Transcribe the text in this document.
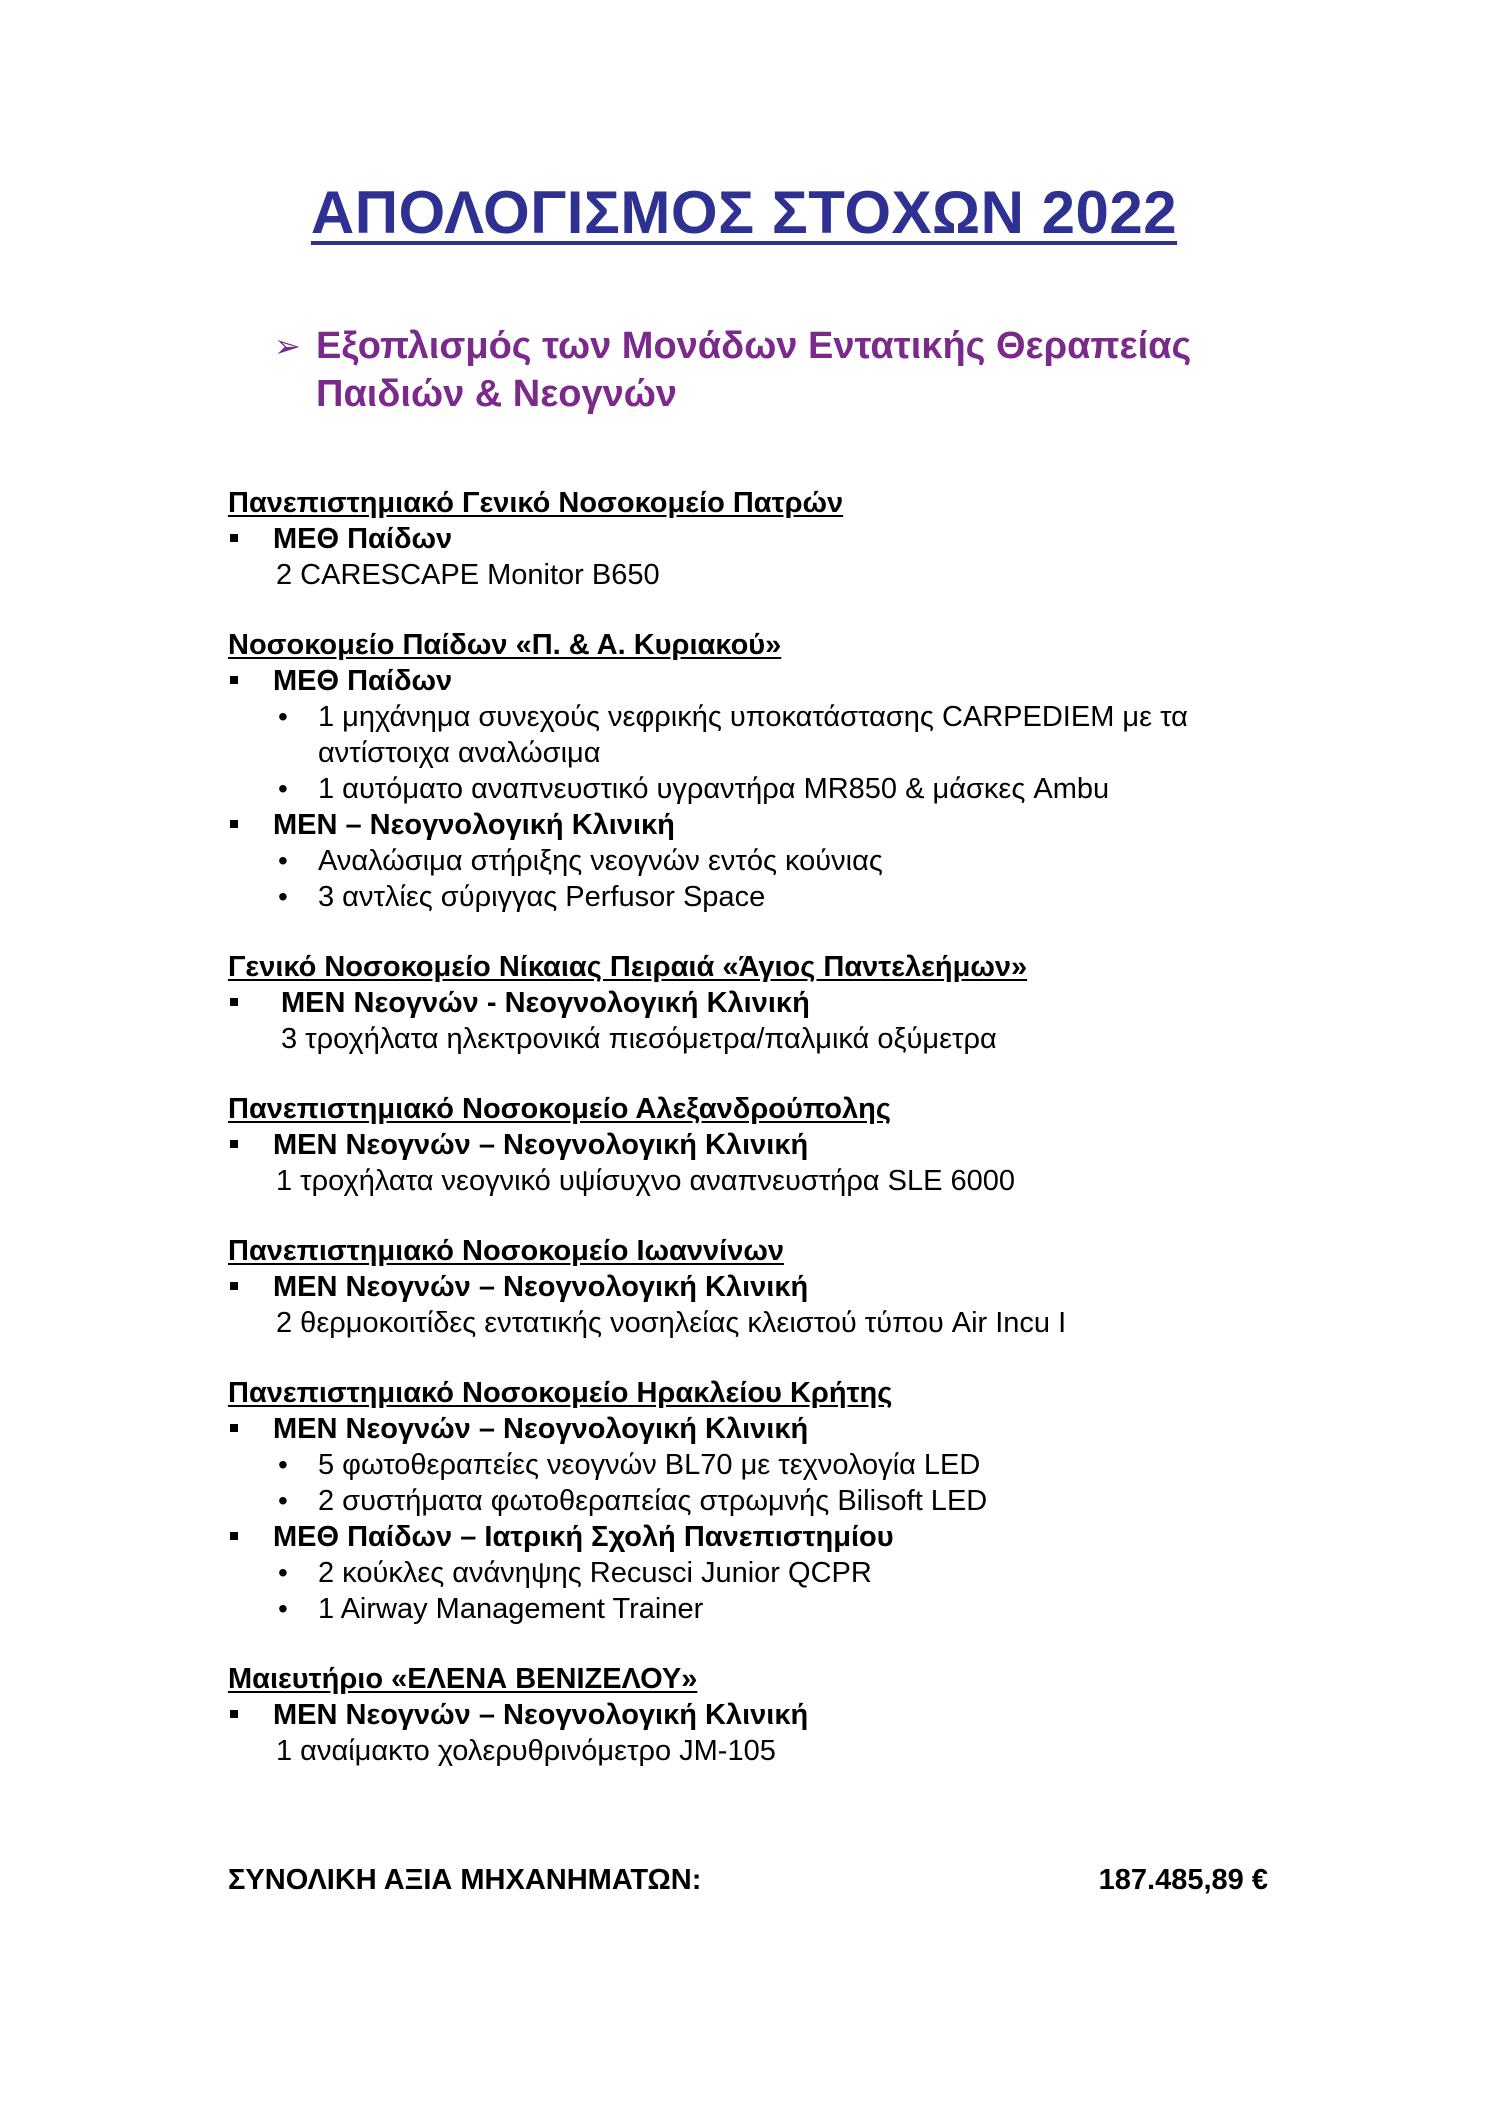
ΑΠΟΛΟΓΙΣΜΟΣ ΣΤΟΧΩΝ 2022
➢ Εξοπλισμός των Μονάδων Εντατικής Θεραπείας
Παιδιών & Νεογνών
Πανεπιστημιακό Γενικό Νοσοκομείο Πατρών
ΜΕΘ Παίδων
2 CARESCAPE Monitor B650
Νοσοκομείο Παίδων «Π. & Α. Κυριακού»
ΜΕΘ Παίδων
• 1 μηχάνημα συνεχούς νεφρικής υποκατάστασης CARPEDIEM με τα
αντίστοιχα αναλώσιμα
• 1 αυτόματο αναπνευστικό υγραντήρα MR850 & μάσκες Ambu
ΜΕΝ – Νεογνολογική Κλινική
• Αναλώσιμα στήριξης νεογνών εντός κούνιας
• 3 αντλίες σύριγγας Perfusor Space
Γενικό Νοσοκομείο Νίκαιας Πειραιά «Άγιος Παντελεήμων»
ΜΕΝ Νεογνών - Νεογνολογική Κλινική
3 τροχήλατα ηλεκτρονικά πιεσόμετρα/παλμικά οξύμετρα
Πανεπιστημιακό Νοσοκομείο Αλεξανδρούπολης
ΜΕΝ Νεογνών – Νεογνολογική Κλινική
1 τροχήλατα νεογνικό υψίσυχνο αναπνευστήρα SLE 6000
Πανεπιστημιακό Νοσοκομείο Ιωαννίνων
ΜΕΝ Νεογνών – Νεογνολογική Κλινική
2 θερμοκοιτίδες εντατικής νοσηλείας κλειστού τύπου Air Incu I
Πανεπιστημιακό Νοσοκομείο Ηρακλείου Κρήτης
ΜΕΝ Νεογνών – Νεογνολογική Κλινική
• 5 φωτοθεραπείες νεογνών BL70 με τεχνολογία LED
• 2 συστήματα φωτοθεραπείας στρωμνής Bilisoft LED
ΜΕΘ Παίδων – Ιατρική Σχολή Πανεπιστημίου
• 2 κούκλες ανάνηψης Recusci Junior QCPR
• 1 Airway Management Trainer
Μαιευτήριο «ΕΛΕΝΑ ΒΕΝΙΖΕΛΟΥ»
ΜΕΝ Νεογνών – Νεογνολογική Κλινική
1 αναίμακτο χολερυθρινόμετρο JM-105
ΣΥΝΟΛΙΚΗ ΑΞΙΑ ΜΗΧΑΝΗΜΑΤΩΝ:	187.485,89 €
